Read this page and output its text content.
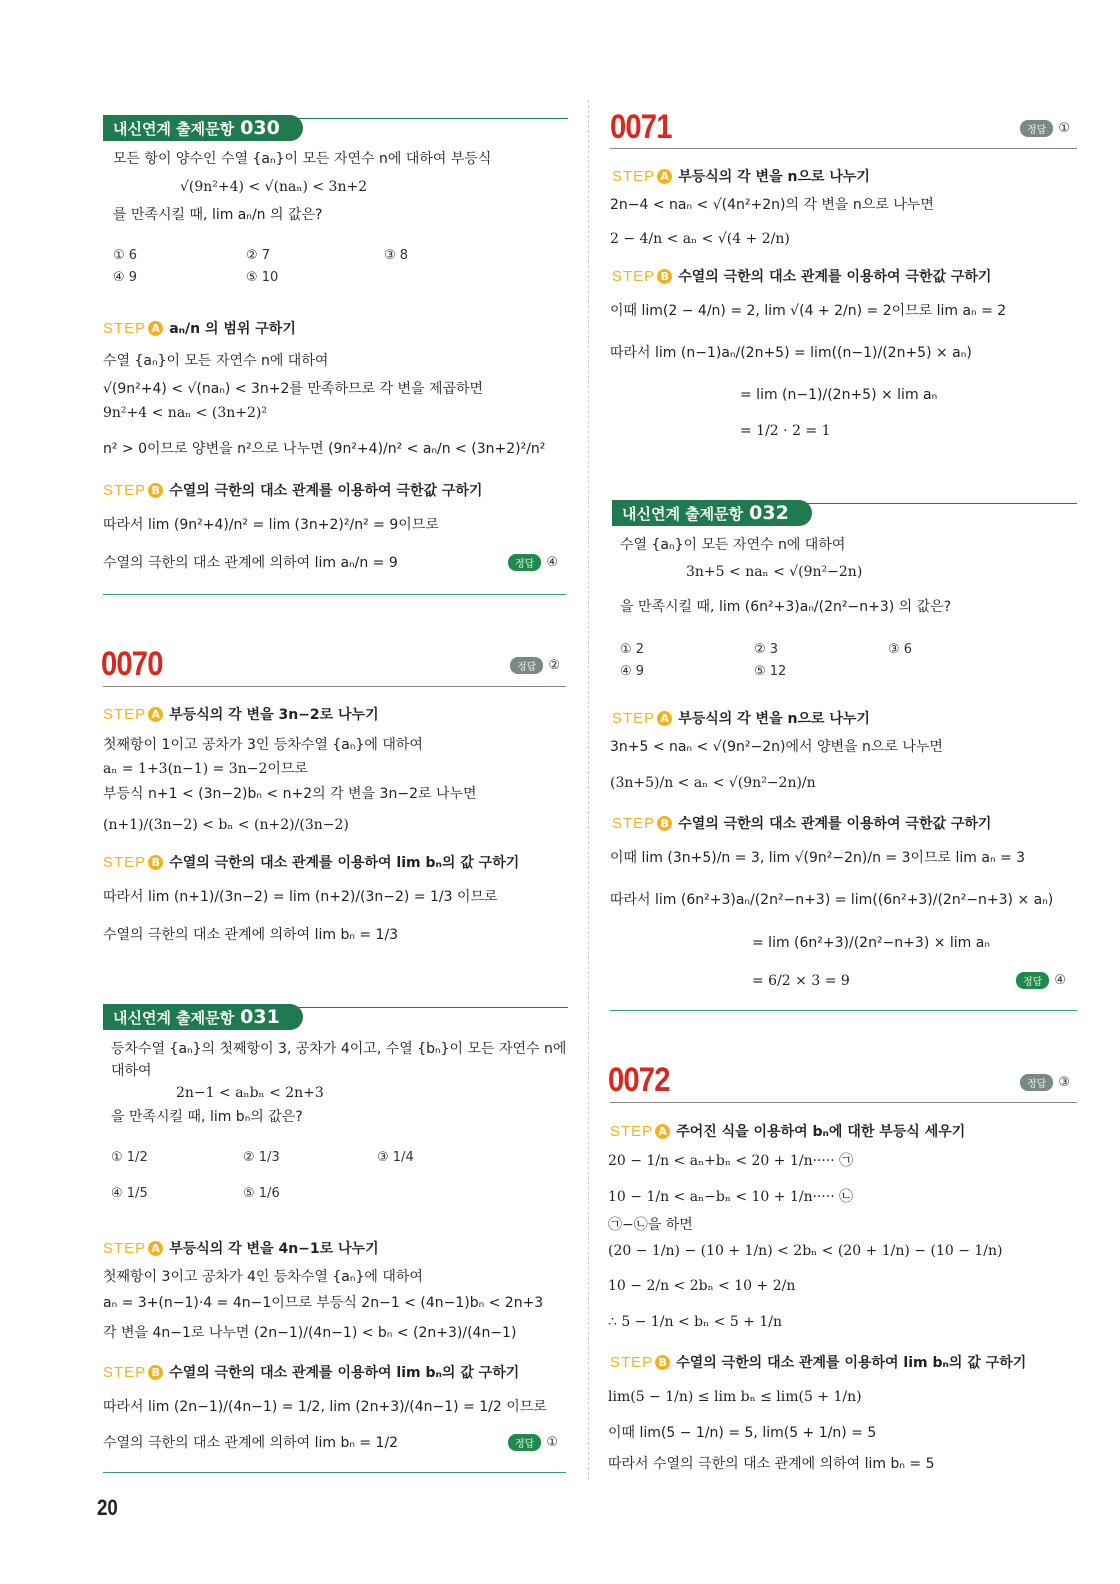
내신연계 출제문항 030
모든 항이 양수인 수열 {aₙ}이 모든 자연수 n에 대하여 부등식
√(9n²+4) < √(naₙ) < 3n+2
를 만족시킬 때, lim aₙ/n 의 값은?
① 6	② 7	③ 8
④ 9	⑤ 10
STEP A aₙ/n 의 범위 구하기
수열 {aₙ}이 모든 자연수 n에 대하여
√(9n²+4) < √(naₙ) < 3n+2를 만족하므로 각 변을 제곱하면
9n²+4 < naₙ < (3n+2)²
n² > 0이므로 양변을 n²으로 나누면 (9n²+4)/n² < aₙ/n < (3n+2)²/n²
STEP B 수열의 극한의 대소 관계를 이용하여 극한값 구하기
따라서 lim (9n²+4)/n² = lim (3n+2)²/n² = 9이므로
수열의 극한의 대소 관계에 의하여 lim aₙ/n = 9	정답 ④
0070	정답 ②
STEP A 부등식의 각 변을 3n−2로 나누기
첫째항이 1이고 공차가 3인 등차수열 {aₙ}에 대하여
aₙ = 1+3(n−1) = 3n−2이므로
부등식 n+1 < (3n−2)bₙ < n+2의 각 변을 3n−2로 나누면
(n+1)/(3n−2) < bₙ < (n+2)/(3n−2)
STEP B 수열의 극한의 대소 관계를 이용하여 lim bₙ의 값 구하기
따라서 lim (n+1)/(3n−2) = lim (n+2)/(3n−2) = 1/3 이므로
수열의 극한의 대소 관계에 의하여 lim bₙ = 1/3
내신연계 출제문항 031
등차수열 {aₙ}의 첫째항이 3, 공차가 4이고, 수열 {bₙ}이 모든 자연수 n에
대하여
2n−1 < aₙbₙ < 2n+3
을 만족시킬 때, lim bₙ의 값은?
① 1/2	② 1/3	③ 1/4
④ 1/5	⑤ 1/6
STEP A 부등식의 각 변을 4n−1로 나누기
첫째항이 3이고 공차가 4인 등차수열 {aₙ}에 대하여
aₙ = 3+(n−1)·4 = 4n−1이므로 부등식 2n−1 < (4n−1)bₙ < 2n+3
각 변을 4n−1로 나누면 (2n−1)/(4n−1) < bₙ < (2n+3)/(4n−1)
STEP B 수열의 극한의 대소 관계를 이용하여 lim bₙ의 값 구하기
따라서 lim (2n−1)/(4n−1) = 1/2, lim (2n+3)/(4n−1) = 1/2 이므로
수열의 극한의 대소 관계에 의하여 lim bₙ = 1/2	정답 ①
20
0071	정답 ①
STEP A 부등식의 각 변을 n으로 나누기
2n−4 < naₙ < √(4n²+2n)의 각 변을 n으로 나누면
2 − 4/n < aₙ < √(4 + 2/n)
STEP B 수열의 극한의 대소 관계를 이용하여 극한값 구하기
이때 lim(2 − 4/n) = 2, lim √(4 + 2/n) = 2이므로 lim aₙ = 2
따라서 lim (n−1)aₙ/(2n+5) = lim((n−1)/(2n+5) × aₙ)
= lim (n−1)/(2n+5) × lim aₙ
= 1/2 · 2 = 1
내신연계 출제문항 032
수열 {aₙ}이 모든 자연수 n에 대하여
3n+5 < naₙ < √(9n²−2n)
을 만족시킬 때, lim (6n²+3)aₙ/(2n²−n+3) 의 값은?
① 2	② 3	③ 6
④ 9	⑤ 12
STEP A 부등식의 각 변을 n으로 나누기
3n+5 < naₙ < √(9n²−2n)에서 양변을 n으로 나누면
(3n+5)/n < aₙ < √(9n²−2n)/n
STEP B 수열의 극한의 대소 관계를 이용하여 극한값 구하기
이때 lim (3n+5)/n = 3, lim √(9n²−2n)/n = 3이므로 lim aₙ = 3
따라서 lim (6n²+3)aₙ/(2n²−n+3) = lim((6n²+3)/(2n²−n+3) × aₙ)
= lim (6n²+3)/(2n²−n+3) × lim aₙ
= 6/2 × 3 = 9	정답 ④
0072	정답 ③
STEP A 주어진 식을 이용하여 bₙ에 대한 부등식 세우기
20 − 1/n < aₙ+bₙ < 20 + 1/n
······ ㉠
10 − 1/n < aₙ−bₙ < 10 + 1/n
······ ㉡
㉠−㉡을 하면
(20 − 1/n) − (10 + 1/n) < 2bₙ < (20 + 1/n) − (10 − 1/n)
10 − 2/n < 2bₙ < 10 + 2/n
∴ 5 − 1/n < bₙ < 5 + 1/n
STEP B 수열의 극한의 대소 관계를 이용하여 lim bₙ의 값 구하기
lim(5 − 1/n) ≤ lim bₙ ≤ lim(5 + 1/n)
이때 lim(5 − 1/n) = 5, lim(5 + 1/n) = 5
따라서 수열의 극한의 대소 관계에 의하여 lim bₙ = 5
